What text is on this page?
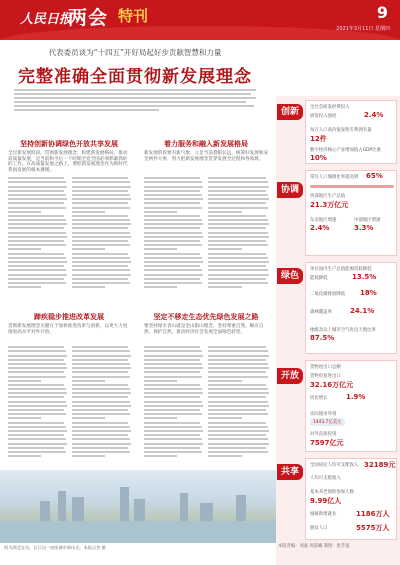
人民日报
两会 特刊	9
2021年3月11日 星期四
代表委员谈为“十四五”开好局起好步贡献智慧和力量
完整准确全面贯彻新发展理念
坚持创新协调绿色开放共享发展
全过新发展阶段，贯彻新发展理念，构建新发展格局，推动高质量发展，是当前和今后一个时期全党全国必须抓紧抓好的工作。在高质量发展之路上，要把新发展理念作为新时代我国发展的根本遵循。
着力服务和融入新发展格局
新发展阶段要有新气象，立足当前着眼长远，统筹好发展和安全两件大事，努力把新发展理念贯穿发展全过程和各领域。
蹄疾稳步推进改革发展
贯彻新发展理念关键在于加快推进改革与创新，以更大力度推进高水平对外开放。
坚定不移走生态优先绿色发展之路
要坚持绿水青山就是金山银山理念，坚持尊重自然、顺应自然、保护自然，推动经济社会发展全面绿色转型。
图为湖北宜昌，长江边一座座城市新风光。本报记者 摄
创新	全社会研发经费投入
研发投入强度	2.4%
每万人口高价值发明专利拥有量
12件
数字经济核心产业增加值占GDP比重
10%
协调
常住人口城镇化率提高到 65%
西部地区生产总值
21.3万亿元
东北地区增速
2.4%
中部地区增速
3.3%
绿色
单位国内生产总值能源消耗降低
能耗降低	13.5%
二氧化碳排放降低 18%
森林覆盖率	24.1%
地级及以上城市空气优良天数比率
87.5%
开放
货物进出口总额
货物贸易进出口
32.16万亿元
同比增长	1.9%
实际使用外资
1443.7亿美元
对外直接投资
7597亿元
共享
全国居民人均可支配收入 32189元
人均可支配收入
基本养老保险参保人数
9.99亿人
城镇新增就业	1186万人
脱贫人口	5575万人
本版责编：刘嘉 周韵曦 制图：张芳曼
